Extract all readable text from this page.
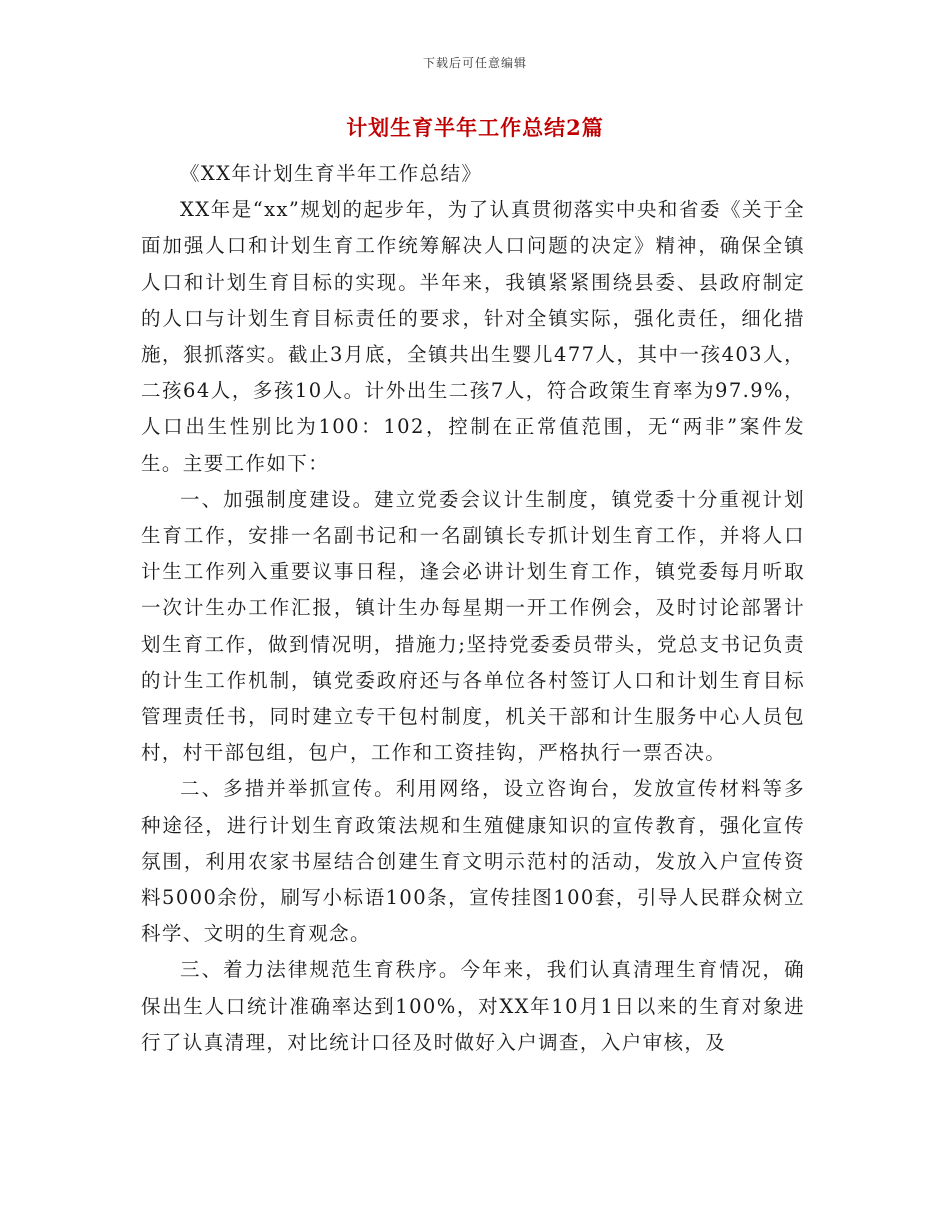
下载后可任意编辑
计划生育半年工作总结2篇

《XX年计划生育半年工作总结》

XX年是“xx”规划的起步年，为了认真贯彻落实中央和省委《关于全面加强人口和计划生育工作统筹解决人口问题的决定》精神，确保全镇人口和计划生育目标的实现。半年来，我镇紧紧围绕县委、县政府制定的人口与计划生育目标责任的要求，针对全镇实际，强化责任，细化措施，狠抓落实。截止3月底，全镇共出生婴儿477人，其中一孩403人，二孩64人，多孩10人。计外出生二孩7人，符合政策生育率为97.9%，人口出生性别比为100：102，控制在正常值范围，无“两非”案件发生。主要工作如下：

一、加强制度建设。建立党委会议计生制度，镇党委十分重视计划生育工作，安排一名副书记和一名副镇长专抓计划生育工作，并将人口计生工作列入重要议事日程，逢会必讲计划生育工作，镇党委每月听取一次计生办工作汇报，镇计生办每星期一开工作例会，及时讨论部署计划生育工作，做到情况明，措施力;坚持党委委员带头，党总支书记负责的计生工作机制，镇党委政府还与各单位各村签订人口和计划生育目标管理责任书，同时建立专干包村制度，机关干部和计生服务中心人员包村，村干部包组，包户，工作和工资挂钩，严格执行一票否决。

二、多措并举抓宣传。利用网络，设立咨询台，发放宣传材料等多种途径，进行计划生育政策法规和生殖健康知识的宣传教育，强化宣传氛围，利用农家书屋结合创建生育文明示范村的活动，发放入户宣传资料5000余份，刷写小标语100条，宣传挂图100套，引导人民群众树立科学、文明的生育观念。

三、着力法律规范生育秩序。今年来，我们认真清理生育情况，确保出生人口统计准确率达到100%，对XX年10月1日以来的生育对象进行了认真清理，对比统计口径及时做好入户调查，入户审核，及
